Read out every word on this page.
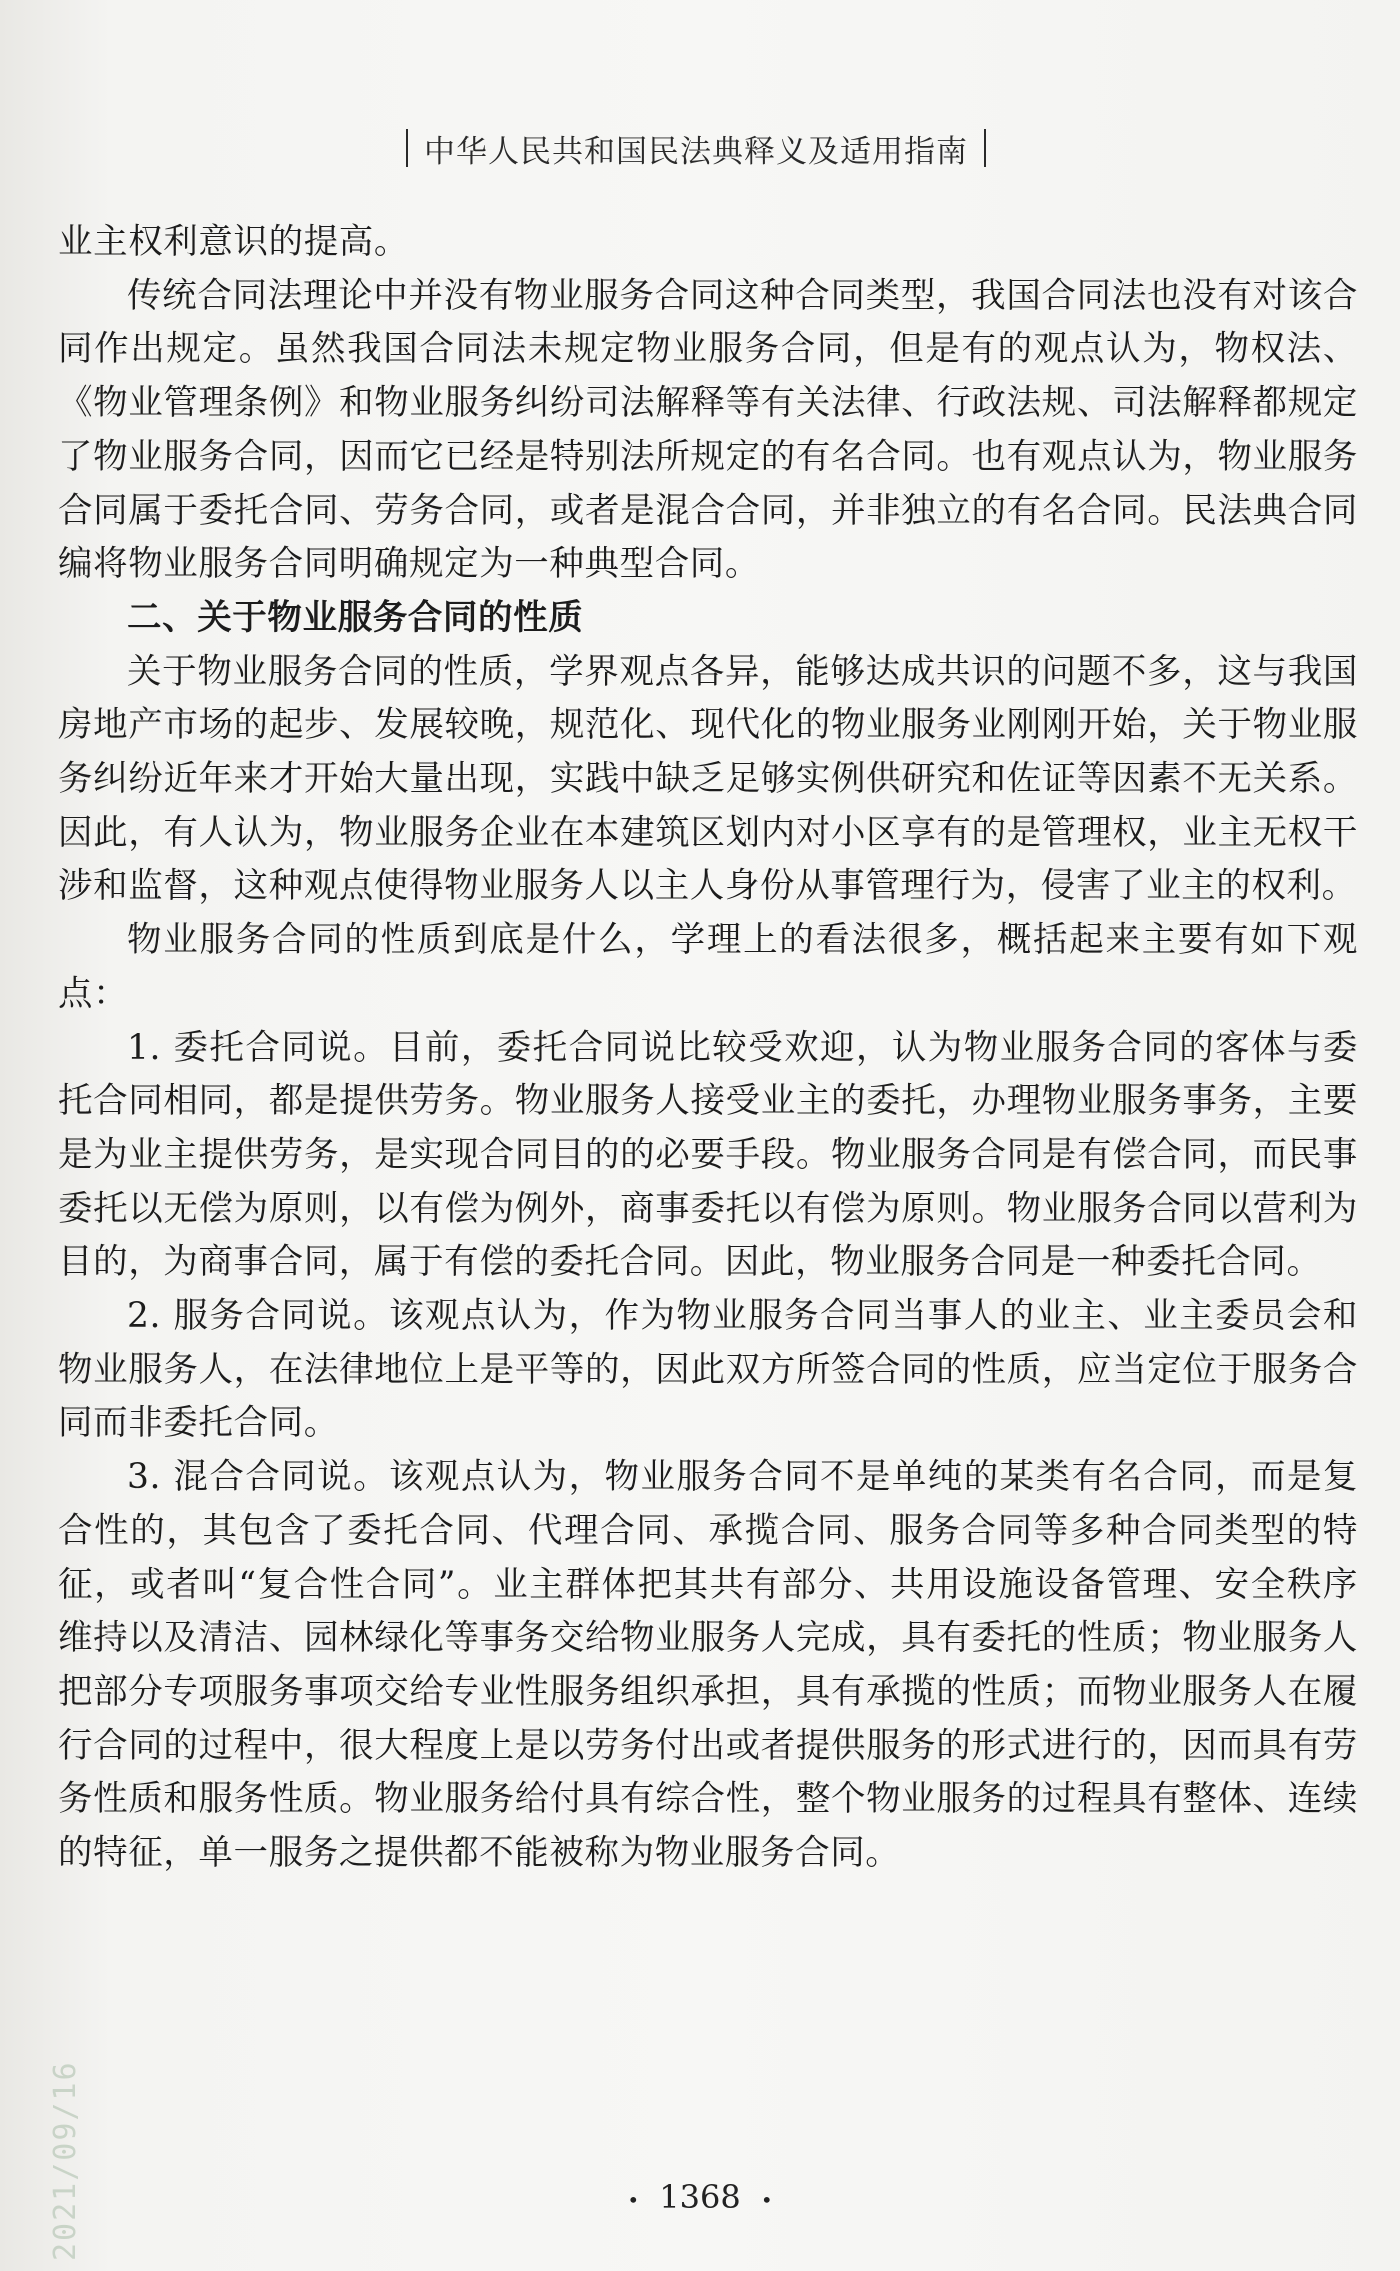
中华人民共和国民法典释义及适用指南

业主权利意识的提高。

传统合同法理论中并没有物业服务合同这种合同类型，我国合同法也没有对该合同作出规定。虽然我国合同法未规定物业服务合同，但是有的观点认为，物权法、《物业管理条例》和物业服务纠纷司法解释等有关法律、行政法规、司法解释都规定了物业服务合同，因而它已经是特别法所规定的有名合同。也有观点认为，物业服务合同属于委托合同、劳务合同，或者是混合合同，并非独立的有名合同。民法典合同编将物业服务合同明确规定为一种典型合同。

二、关于物业服务合同的性质

关于物业服务合同的性质，学界观点各异，能够达成共识的问题不多，这与我国房地产市场的起步、发展较晚，规范化、现代化的物业服务业刚刚开始，关于物业服务纠纷近年来才开始大量出现，实践中缺乏足够实例供研究和佐证等因素不无关系。因此，有人认为，物业服务企业在本建筑区划内对小区享有的是管理权，业主无权干涉和监督，这种观点使得物业服务人以主人身份从事管理行为，侵害了业主的权利。

物业服务合同的性质到底是什么，学理上的看法很多，概括起来主要有如下观点：

1. 委托合同说。目前，委托合同说比较受欢迎，认为物业服务合同的客体与委托合同相同，都是提供劳务。物业服务人接受业主的委托，办理物业服务事务，主要是为业主提供劳务，是实现合同目的的必要手段。物业服务合同是有偿合同，而民事委托以无偿为原则，以有偿为例外，商事委托以有偿为原则。物业服务合同以营利为目的，为商事合同，属于有偿的委托合同。因此，物业服务合同是一种委托合同。

2. 服务合同说。该观点认为，作为物业服务合同当事人的业主、业主委员会和物业服务人，在法律地位上是平等的，因此双方所签合同的性质，应当定位于服务合同而非委托合同。

3. 混合合同说。该观点认为，物业服务合同不是单纯的某类有名合同，而是复合性的，其包含了委托合同、代理合同、承揽合同、服务合同等多种合同类型的特征，或者叫“复合性合同”。业主群体把其共有部分、共用设施设备管理、安全秩序维持以及清洁、园林绿化等事务交给物业服务人完成，具有委托的性质；物业服务人把部分专项服务事项交给专业性服务组织承担，具有承揽的性质；而物业服务人在履行合同的过程中，很大程度上是以劳务付出或者提供服务的形式进行的，因而具有劳务性质和服务性质。物业服务给付具有综合性，整个物业服务的过程具有整体、连续的特征，单一服务之提供都不能被称为物业服务合同。

• 1368 •
2021/09/16
